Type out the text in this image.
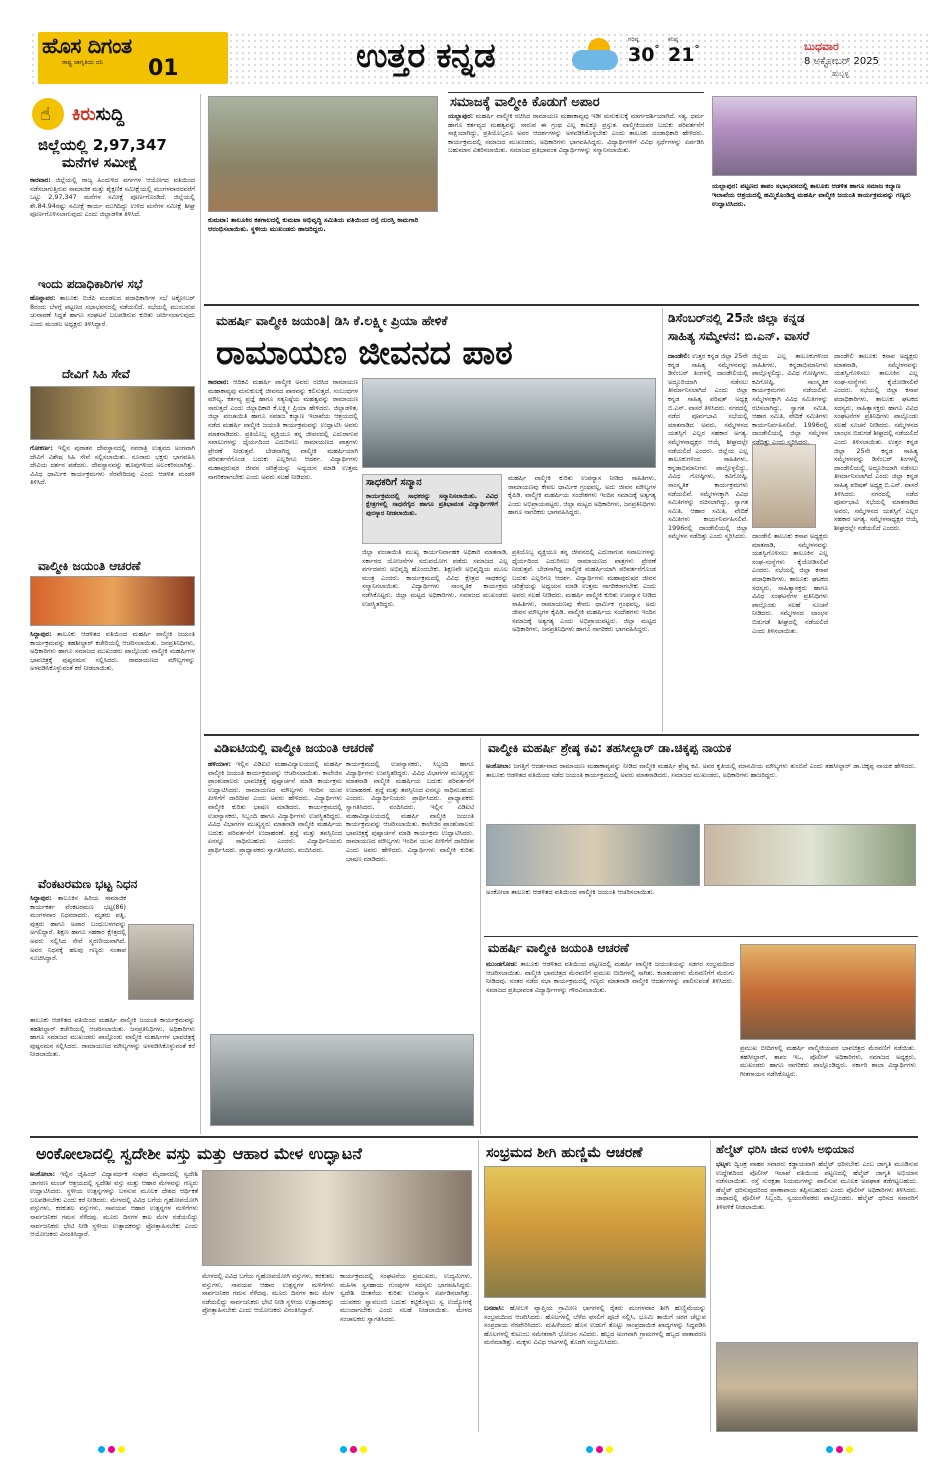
ಹೊಸ ದಿಗಂತ
ರಾಷ್ಟ್ರ ಜಾಗೃತಿಯ ದನಿ 01	ಉತ್ತರ ಕನ್ನಡ	ಗರಿಷ್ಠ
30°
ಕನಿಷ್ಠ
21°	ಬುಧವಾರ
8 ಅಕ್ಟೋಬರ್ 2025
ಹುಬ್ಬಳ್ಳಿ
☝ ಕಿರುಸುದ್ದಿ
ಜಿಲ್ಲೆಯಲ್ಲಿ 2,97,347
ಮನೆಗಳ ಸಮೀಕ್ಷೆ
ಕಾರವಾರ: ಜಿಲ್ಲೆಯಲ್ಲಿ ರಾಜ್ಯ ಹಿಂದುಳಿದ ವರ್ಗಗಳ ಆಯೋಗದ ವತಿಯಿಂದ ನಡೆಸಲಾಗುತ್ತಿರುವ ಸಾಮಾಜಿಕ ಮತ್ತು ಶೈಕ್ಷಣಿಕ ಸಮೀಕ್ಷೆಯಲ್ಲಿ ಮಂಗಳವಾರದವರೆಗೆ ಒಟ್ಟು 2,97,347 ಮನೆಗಳ ಸಮೀಕ್ಷೆ ಪೂರ್ಣಗೊಂಡಿದೆ. ಜಿಲ್ಲೆಯಲ್ಲಿ ಶೇ.84.94ರಷ್ಟು ಸಮೀಕ್ಷೆ ಕಾರ್ಯ ಮುಗಿದಿದ್ದು ಉಳಿದ ಮನೆಗಳ ಸಮೀಕ್ಷೆ ಶೀಘ್ರ ಪೂರ್ಣಗೊಳಿಸಲಾಗುವುದು ಎಂದು ಜಿಲ್ಲಾಡಳಿತ ತಿಳಿಸಿದೆ.
ಇಂದು ಪದಾಧಿಕಾರಿಗಳ ಸಭೆ
ಹೊನ್ನಾವರ: ತಾಲೂಕು ಬಿಜೆಪಿ ಮಂಡಲದ ಪದಾಧಿಕಾರಿಗಳ ಸಭೆ ಅಕ್ಟೋಬರ್ 8ರಂದು ಬೆಳಗ್ಗೆ ಪಟ್ಟಣದ ಸಭಾಭವನದಲ್ಲಿ ನಡೆಯಲಿದೆ. ಸಭೆಯಲ್ಲಿ ಮುಂಬರುವ ಚುನಾವಣೆ ಸಿದ್ಧತೆ ಹಾಗೂ ಸಂಘಟನೆ ಬಲಪಡಿಸುವ ಕುರಿತು ಚರ್ಚಿಸಲಾಗುವುದು ಎಂದು ಮಂಡಲ ಅಧ್ಯಕ್ಷರು ತಿಳಿಸಿದ್ದಾರೆ.
ದೇವಿಗೆ ಸಿಹಿ ಸೇವೆ
ಗೋಕರ್ಣ: ಇಲ್ಲಿನ ಪುರಾತನ ದೇವಸ್ಥಾನದಲ್ಲಿ ನವರಾತ್ರಿ ಉತ್ಸವದ ಅಂಗವಾಗಿ ದೇವಿಗೆ ವಿಶೇಷ ಸಿಹಿ ಸೇವೆ ಸಲ್ಲಿಸಲಾಯಿತು. ನೂರಾರು ಭಕ್ತರು ಭಾಗವಹಿಸಿ ದೇವಿಯ ದರ್ಶನ ಪಡೆದರು. ದೇವಸ್ಥಾನವನ್ನು ಹೂವುಗಳಿಂದ ಅಲಂಕರಿಸಲಾಗಿತ್ತು. ವಿವಿಧ ಧಾರ್ಮಿಕ ಕಾರ್ಯಕ್ರಮಗಳು ನೆರವೇರಿದವು ಎಂದು ಆಡಳಿತ ಮಂಡಳಿ ತಿಳಿಸಿದೆ.
ವಾಲ್ಮೀಕಿ ಜಯಂತಿ ಆಚರಣೆ
ಸಿದ್ದಾಪುರ: ತಾಲೂಕು ಆಡಳಿತದ ವತಿಯಿಂದ ಮಹರ್ಷಿ ವಾಲ್ಮೀಕಿ ಜಯಂತಿ ಕಾರ್ಯಕ್ರಮವನ್ನು ತಹಶೀಲ್ದಾರ್ ಕಚೇರಿಯಲ್ಲಿ ಆಚರಿಸಲಾಯಿತು. ಜನಪ್ರತಿನಿಧಿಗಳು, ಅಧಿಕಾರಿಗಳು ಹಾಗೂ ಸಮಾಜದ ಮುಖಂಡರು ಪಾಲ್ಗೊಂಡು ವಾಲ್ಮೀಕಿ ಮಹರ್ಷಿಗಳ ಭಾವಚಿತ್ರಕ್ಕೆ ಪುಷ್ಪನಮನ ಸಲ್ಲಿಸಿದರು. ರಾಮಾಯಣದ ಮೌಲ್ಯಗಳನ್ನು ಅಳವಡಿಸಿಕೊಳ್ಳುವಂತೆ ಕರೆ ನೀಡಲಾಯಿತು.
ವೆಂಕಟರಮಣ ಭಟ್ಟ ನಿಧನ
ಸಿದ್ದಾಪುರ: ತಾಲೂಕಿನ ಹಿರಿಯ ಸಾಮಾಜಿಕ ಕಾರ್ಯಕರ್ತ ವೆಂಕಟರಮಣ ಭಟ್ಟ(86) ಮಂಗಳವಾರ ನಿಧನರಾದರು. ಮೃತರು ಪತ್ನಿ, ಪುತ್ರರು ಹಾಗೂ ಅಪಾರ ಬಂಧುಬಳಗವನ್ನು ಅಗಲಿದ್ದಾರೆ. ಶಿಕ್ಷಣ ಹಾಗೂ ಸಹಕಾರ ಕ್ಷೇತ್ರದಲ್ಲಿ ಅವರು ಸಲ್ಲಿಸಿದ ಸೇವೆ ಸ್ಮರಣೀಯವಾಗಿದೆ. ಅವರ ನಿಧನಕ್ಕೆ ಹಲವು ಗಣ್ಯರು ಸಂತಾಪ ಸೂಚಿಸಿದ್ದಾರೆ.
ತಾಲೂಕು ಆಡಳಿತದ ವತಿಯಿಂದ ಮಹರ್ಷಿ ವಾಲ್ಮೀಕಿ ಜಯಂತಿ ಕಾರ್ಯಕ್ರಮವನ್ನು ತಹಶೀಲ್ದಾರ್ ಕಚೇರಿಯಲ್ಲಿ ಆಚರಿಸಲಾಯಿತು. ಜನಪ್ರತಿನಿಧಿಗಳು, ಅಧಿಕಾರಿಗಳು ಹಾಗೂ ಸಮಾಜದ ಮುಖಂಡರು ಪಾಲ್ಗೊಂಡು ವಾಲ್ಮೀಕಿ ಮಹರ್ಷಿಗಳ ಭಾವಚಿತ್ರಕ್ಕೆ ಪುಷ್ಪನಮನ ಸಲ್ಲಿಸಿದರು. ರಾಮಾಯಣದ ಮೌಲ್ಯಗಳನ್ನು ಅಳವಡಿಸಿಕೊಳ್ಳುವಂತೆ ಕರೆ ನೀಡಲಾಯಿತು.
ಕುಮಟಾ: ತಾಲೂಕಿನ ಕತಗಾಲದಲ್ಲಿ ಕುಮಟಾ ಅಭಿವೃದ್ಧಿ ಸಮಿತಿಯ ವತಿಯಿಂದ ರಸ್ತೆ ದುರಸ್ತಿ ಕಾಮಗಾರಿ ಆರಂಭಿಸಲಾಯಿತು. ಸ್ಥಳೀಯ ಮುಖಂಡರು ಹಾಜರಿದ್ದರು.
ಸಮಾಜಕ್ಕೆ ವಾಲ್ಮೀಕಿ ಕೊಡುಗೆ ಅಪಾರ
ಯಲ್ಲಾಪುರ: ಮಹರ್ಷಿ ವಾಲ್ಮೀಕಿ ರಚಿಸಿದ ರಾಮಾಯಣ ಮಹಾಕಾವ್ಯವು ಇಡೀ ಮನುಕುಲಕ್ಕೆ ಮಾರ್ಗದರ್ಶಿಯಾಗಿದೆ. ಸತ್ಯ, ಧರ್ಮ ಹಾಗೂ ಕರ್ತವ್ಯದ ಮಹತ್ವವನ್ನು ಸಾರುವ ಈ ಗ್ರಂಥ ಎಲ್ಲ ಕಾಲಕ್ಕೂ ಪ್ರಸ್ತುತ. ವಾಲ್ಮೀಕಿಯವರ ಬದುಕು ಪರಿವರ್ತನೆಗೆ ಸಾಕ್ಷಿಯಾಗಿದ್ದು, ಪ್ರತಿಯೊಬ್ಬರೂ ಅವರ ಆದರ್ಶಗಳನ್ನು ಅಳವಡಿಸಿಕೊಳ್ಳಬೇಕು ಎಂದು ತಾಲೂಕು ದಂಡಾಧಿಕಾರಿ ಹೇಳಿದರು. ಕಾರ್ಯಕ್ರಮದಲ್ಲಿ ಸಮಾಜದ ಮುಖಂಡರು, ಅಧಿಕಾರಿಗಳು ಭಾಗವಹಿಸಿದ್ದರು. ವಿದ್ಯಾರ್ಥಿಗಳಿಗೆ ವಿವಿಧ ಸ್ಪರ್ಧೆಗಳನ್ನು ಏರ್ಪಡಿಸಿ ಬಹುಮಾನ ವಿತರಿಸಲಾಯಿತು. ಸಮಾಜದ ಪ್ರತಿಭಾವಂತ ವಿದ್ಯಾರ್ಥಿಗಳನ್ನು ಸನ್ಮಾನಿಸಲಾಯಿತು.
ಯಲ್ಲಾಪುರ: ಪಟ್ಟಣದ ತಾಪಂ ಸಭಾಭವನದಲ್ಲಿ ತಾಲೂಕು ಆಡಳಿತ ಹಾಗೂ ಸಮಾಜ ಕಲ್ಯಾಣ ಇಲಾಖೆಯ ಆಶ್ರಯದಲ್ಲಿ ಹಮ್ಮಿಕೊಂಡಿದ್ದ ಮಹರ್ಷಿ ವಾಲ್ಮೀಕಿ ಜಯಂತಿ ಕಾರ್ಯಕ್ರಮವನ್ನು ಗಣ್ಯರು ಉದ್ಘಾಟಿಸಿದರು.
ಮಹರ್ಷಿ ವಾಲ್ಮೀಕಿ ಜಯಂತಿ| ಡಿಸಿ ಕೆ.ಲಕ್ಷ್ಮೀ ಪ್ರಿಯಾ ಹೇಳಿಕೆ
ರಾಮಾಯಣ ಜೀವನದ ಪಾಠ
ಕಾರವಾರ: ಆದಿಕವಿ ಮಹರ್ಷಿ ವಾಲ್ಮೀಕಿ ಅವರು ರಚಿಸಿದ ರಾಮಾಯಣ ಮಹಾಕಾವ್ಯವು ಮನುಕುಲಕ್ಕೆ ಜೀವನದ ಪಾಠವನ್ನು ಕಲಿಸುತ್ತದೆ. ಸಂಬಂಧಗಳ ಮೌಲ್ಯ, ಕರ್ತವ್ಯ ಪ್ರಜ್ಞೆ ಹಾಗೂ ಸತ್ಯನಿಷ್ಠೆಯ ಮಹತ್ವವನ್ನು ರಾಮಾಯಣ ಸಾರುತ್ತದೆ ಎಂದು ಜಿಲ್ಲಾಧಿಕಾರಿ ಕೆ.ಲಕ್ಷ್ಮೀ ಪ್ರಿಯಾ ಹೇಳಿದರು. ಜಿಲ್ಲಾಡಳಿತ, ಜಿಲ್ಲಾ ಪಂಚಾಯಿತಿ ಹಾಗೂ ಸಮಾಜ ಕಲ್ಯಾಣ ಇಲಾಖೆಯ ಆಶ್ರಯದಲ್ಲಿ ನಡೆದ ಮಹರ್ಷಿ ವಾಲ್ಮೀಕಿ ಜಯಂತಿ ಕಾರ್ಯಕ್ರಮವನ್ನು ಉದ್ಘಾಟಿಸಿ ಅವರು ಮಾತನಾಡಿದರು. ಪ್ರತಿಯೊಬ್ಬ ವ್ಯಕ್ತಿಯೂ ತನ್ನ ಜೀವನದಲ್ಲಿ ಎದುರಾಗುವ ಸವಾಲುಗಳನ್ನು ಧೈರ್ಯದಿಂದ ಎದುರಿಸಲು ರಾಮಾಯಣದ ಪಾತ್ರಗಳು ಪ್ರೇರಣೆ ನೀಡುತ್ತವೆ. ಬೇಡನಾಗಿದ್ದ ವಾಲ್ಮೀಕಿ ಮಹರ್ಷಿಯಾಗಿ ಪರಿವರ್ತನೆಗೊಂಡ ಬದುಕು ಎಲ್ಲರಿಗೂ ಆದರ್ಶ. ವಿದ್ಯಾರ್ಥಿಗಳು ಮಹಾಪುರುಷರ ಜೀವನ ಚರಿತ್ರೆಯನ್ನು ಅಧ್ಯಯನ ಮಾಡಿ ಉತ್ತಮ ನಾಗರಿಕರಾಗಬೇಕು ಎಂದು ಅವರು ಸಲಹೆ ನೀಡಿದರು.
ಸಾಧಕರಿಗೆ ಸನ್ಮಾನ
ಕಾರ್ಯಕ್ರಮದಲ್ಲಿ ಸಾಧಕರನ್ನು ಸನ್ಮಾನಿಸಲಾಯಿತು. ವಿವಿಧ ಕ್ಷೇತ್ರಗಳಲ್ಲಿ ಸಾಧನೆಗೈದ ಹಾಗೂ ಪ್ರತಿಭಾವಂತ ವಿದ್ಯಾರ್ಥಿಗಳಿಗೆ ಪುರಸ್ಕಾರ ನೀಡಲಾಯಿತು.
ಮಹರ್ಷಿ ವಾಲ್ಮೀಕಿ ಕುರಿತು ಉಪನ್ಯಾಸ ನೀಡಿದ ಸಾಹಿತಿಗಳು, ರಾಮಾಯಣವು ಕೇವಲ ಧಾರ್ಮಿಕ ಗ್ರಂಥವಲ್ಲ, ಅದು ಜೀವನ ಮೌಲ್ಯಗಳ ಕೈಪಿಡಿ. ವಾಲ್ಮೀಕಿ ಮಹರ್ಷಿಯ ಸಂದೇಶಗಳು ಇಂದಿನ ಸಮಾಜಕ್ಕೆ ಅತ್ಯಗತ್ಯ ಎಂದು ಅಭಿಪ್ರಾಯಪಟ್ಟರು. ಜಿಲ್ಲಾ ಮಟ್ಟದ ಅಧಿಕಾರಿಗಳು, ಜನಪ್ರತಿನಿಧಿಗಳು ಹಾಗೂ ನಾಗರಿಕರು ಭಾಗವಹಿಸಿದ್ದರು.
ಜಿಲ್ಲಾ ಪಂಚಾಯಿತಿ ಮುಖ್ಯ ಕಾರ್ಯನಿರ್ವಾಹಕ ಅಧಿಕಾರಿ ಮಾತನಾಡಿ, ಸರ್ಕಾರದ ಯೋಜನೆಗಳ ಸದುಪಯೋಗ ಪಡೆದು ಸಮಾಜದ ಎಲ್ಲ ವರ್ಗದವರು ಅಭಿವೃದ್ಧಿ ಹೊಂದಬೇಕು. ಶಿಕ್ಷಣವೇ ಅಭಿವೃದ್ಧಿಯ ಮೂಲ ಮಂತ್ರ ಎಂದರು. ಕಾರ್ಯಕ್ರಮದಲ್ಲಿ ವಿವಿಧ ಕ್ಷೇತ್ರದ ಸಾಧಕರನ್ನು ಸನ್ಮಾನಿಸಲಾಯಿತು. ವಿದ್ಯಾರ್ಥಿಗಳು ಸಾಂಸ್ಕೃತಿಕ ಕಾರ್ಯಕ್ರಮ ನಡೆಸಿಕೊಟ್ಟರು. ಜಿಲ್ಲಾ ಮಟ್ಟದ ಅಧಿಕಾರಿಗಳು, ಸಮಾಜದ ಮುಖಂಡರು ಉಪಸ್ಥಿತರಿದ್ದರು.
ಪ್ರತಿಯೊಬ್ಬ ವ್ಯಕ್ತಿಯೂ ತನ್ನ ಜೀವನದಲ್ಲಿ ಎದುರಾಗುವ ಸವಾಲುಗಳನ್ನು ಧೈರ್ಯದಿಂದ ಎದುರಿಸಲು ರಾಮಾಯಣದ ಪಾತ್ರಗಳು ಪ್ರೇರಣೆ ನೀಡುತ್ತವೆ. ಬೇಡನಾಗಿದ್ದ ವಾಲ್ಮೀಕಿ ಮಹರ್ಷಿಯಾಗಿ ಪರಿವರ್ತನೆಗೊಂಡ ಬದುಕು ಎಲ್ಲರಿಗೂ ಆದರ್ಶ. ವಿದ್ಯಾರ್ಥಿಗಳು ಮಹಾಪುರುಷರ ಜೀವನ ಚರಿತ್ರೆಯನ್ನು ಅಧ್ಯಯನ ಮಾಡಿ ಉತ್ತಮ ನಾಗರಿಕರಾಗಬೇಕು ಎಂದು ಅವರು ಸಲಹೆ ನೀಡಿದರು. ಮಹರ್ಷಿ ವಾಲ್ಮೀಕಿ ಕುರಿತು ಉಪನ್ಯಾಸ ನೀಡಿದ ಸಾಹಿತಿಗಳು, ರಾಮಾಯಣವು ಕೇವಲ ಧಾರ್ಮಿಕ ಗ್ರಂಥವಲ್ಲ, ಅದು ಜೀವನ ಮೌಲ್ಯಗಳ ಕೈಪಿಡಿ. ವಾಲ್ಮೀಕಿ ಮಹರ್ಷಿಯ ಸಂದೇಶಗಳು ಇಂದಿನ ಸಮಾಜಕ್ಕೆ ಅತ್ಯಗತ್ಯ ಎಂದು ಅಭಿಪ್ರಾಯಪಟ್ಟರು. ಜಿಲ್ಲಾ ಮಟ್ಟದ ಅಧಿಕಾರಿಗಳು, ಜನಪ್ರತಿನಿಧಿಗಳು ಹಾಗೂ ನಾಗರಿಕರು ಭಾಗವಹಿಸಿದ್ದರು.
ಡಿಸೆಂಬರ್‌ನಲ್ಲಿ 25ನೇ ಜಿಲ್ಲಾ ಕನ್ನಡ
ಸಾಹಿತ್ಯ ಸಮ್ಮೇಳನ: ಬಿ.ಎನ್. ವಾಸರೆ
ದಾಂಡೇಲಿ: ಉತ್ತರ ಕನ್ನಡ ಜಿಲ್ಲಾ 25ನೇ ಕನ್ನಡ ಸಾಹಿತ್ಯ ಸಮ್ಮೇಳನವನ್ನು ಡಿಸೆಂಬರ್ ತಿಂಗಳಲ್ಲಿ ದಾಂಡೇಲಿಯಲ್ಲಿ ಅದ್ದೂರಿಯಾಗಿ ನಡೆಸಲು ತೀರ್ಮಾನಿಸಲಾಗಿದೆ ಎಂದು ಜಿಲ್ಲಾ ಕನ್ನಡ ಸಾಹಿತ್ಯ ಪರಿಷತ್ ಅಧ್ಯಕ್ಷ ಬಿ.ಎನ್. ವಾಸರೆ ತಿಳಿಸಿದರು. ನಗರದಲ್ಲಿ ನಡೆದ ಪೂರ್ವಭಾವಿ ಸಭೆಯಲ್ಲಿ ಮಾತನಾಡಿದ ಅವರು, ಸಮ್ಮೇಳನದ ಯಶಸ್ಸಿಗೆ ಎಲ್ಲರ ಸಹಕಾರ ಅಗತ್ಯ. ಸಮ್ಮೇಳನಾಧ್ಯಕ್ಷರ ಆಯ್ಕೆ ಶೀಘ್ರದಲ್ಲೇ ನಡೆಯಲಿದೆ ಎಂದರು. ಜಿಲ್ಲೆಯ ಎಲ್ಲ ತಾಲೂಕುಗಳಿಂದ ಸಾಹಿತಿಗಳು, ಕನ್ನಡಾಭಿಮಾನಿಗಳು ಪಾಲ್ಗೊಳ್ಳಲಿದ್ದು, ವಿವಿಧ ಗೋಷ್ಠಿಗಳು, ಕವಿಗೋಷ್ಠಿ, ಸಾಂಸ್ಕೃತಿಕ ಕಾರ್ಯಕ್ರಮಗಳು ನಡೆಯಲಿವೆ. ಸಮ್ಮೇಳನಕ್ಕಾಗಿ ವಿವಿಧ ಸಮಿತಿಗಳನ್ನು ರಚಿಸಲಾಗಿದ್ದು, ಸ್ವಾಗತ ಸಮಿತಿ, ಆಹಾರ ಸಮಿತಿ, ವೇದಿಕೆ ಸಮಿತಿಗಳು ಕಾರ್ಯನಿರ್ವಹಿಸಲಿವೆ. 1996ರಲ್ಲಿ ದಾಂಡೇಲಿಯಲ್ಲಿ ಜಿಲ್ಲಾ ಸಮ್ಮೇಳನ ನಡೆದಿತ್ತು ಎಂದು ಸ್ಮರಿಸಿದರು.
ಜಿಲ್ಲೆಯ ಎಲ್ಲ ತಾಲೂಕುಗಳಿಂದ ಸಾಹಿತಿಗಳು, ಕನ್ನಡಾಭಿಮಾನಿಗಳು ಪಾಲ್ಗೊಳ್ಳಲಿದ್ದು, ವಿವಿಧ ಗೋಷ್ಠಿಗಳು, ಕವಿಗೋಷ್ಠಿ, ಸಾಂಸ್ಕೃತಿಕ ಕಾರ್ಯಕ್ರಮಗಳು ನಡೆಯಲಿವೆ. ಸಮ್ಮೇಳನಕ್ಕಾಗಿ ವಿವಿಧ ಸಮಿತಿಗಳನ್ನು ರಚಿಸಲಾಗಿದ್ದು, ಸ್ವಾಗತ ಸಮಿತಿ, ಆಹಾರ ಸಮಿತಿ, ವೇದಿಕೆ ಸಮಿತಿಗಳು ಕಾರ್ಯನಿರ್ವಹಿಸಲಿವೆ. 1996ರಲ್ಲಿ ದಾಂಡೇಲಿಯಲ್ಲಿ ಜಿಲ್ಲಾ ಸಮ್ಮೇಳನ ನಡೆದಿತ್ತು ಎಂದು ಸ್ಮರಿಸಿದರು.
ದಾಂಡೇಲಿ ತಾಲೂಕು ಕಸಾಪ ಅಧ್ಯಕ್ಷರು ಮಾತನಾಡಿ, ಸಮ್ಮೇಳನವನ್ನು ಯಶಸ್ವಿಗೊಳಿಸಲು ತಾಲೂಕಿನ ಎಲ್ಲ ಸಂಘ-ಸಂಸ್ಥೆಗಳು ಕೈಜೋಡಿಸಲಿವೆ ಎಂದರು. ಸಭೆಯಲ್ಲಿ ಜಿಲ್ಲಾ ಕಸಾಪ ಪದಾಧಿಕಾರಿಗಳು, ತಾಲೂಕು ಘಟಕದ ಸದಸ್ಯರು, ಸಾಹಿತ್ಯಾಸಕ್ತರು ಹಾಗೂ ವಿವಿಧ ಸಂಘಟನೆಗಳ ಪ್ರತಿನಿಧಿಗಳು ಪಾಲ್ಗೊಂಡು ಸಲಹೆ ಸೂಚನೆ ನೀಡಿದರು. ಸಮ್ಮೇಳನದ ಲಾಂಛನ ಬಿಡುಗಡೆ ಶೀಘ್ರದಲ್ಲಿ ನಡೆಯಲಿದೆ ಎಂದು ತಿಳಿಸಲಾಯಿತು.
ದಾಂಡೇಲಿ ತಾಲೂಕು ಕಸಾಪ ಅಧ್ಯಕ್ಷರು ಮಾತನಾಡಿ, ಸಮ್ಮೇಳನವನ್ನು ಯಶಸ್ವಿಗೊಳಿಸಲು ತಾಲೂಕಿನ ಎಲ್ಲ ಸಂಘ-ಸಂಸ್ಥೆಗಳು ಕೈಜೋಡಿಸಲಿವೆ ಎಂದರು. ಸಭೆಯಲ್ಲಿ ಜಿಲ್ಲಾ ಕಸಾಪ ಪದಾಧಿಕಾರಿಗಳು, ತಾಲೂಕು ಘಟಕದ ಸದಸ್ಯರು, ಸಾಹಿತ್ಯಾಸಕ್ತರು ಹಾಗೂ ವಿವಿಧ ಸಂಘಟನೆಗಳ ಪ್ರತಿನಿಧಿಗಳು ಪಾಲ್ಗೊಂಡು ಸಲಹೆ ಸೂಚನೆ ನೀಡಿದರು. ಸಮ್ಮೇಳನದ ಲಾಂಛನ ಬಿಡುಗಡೆ ಶೀಘ್ರದಲ್ಲಿ ನಡೆಯಲಿದೆ ಎಂದು ತಿಳಿಸಲಾಯಿತು. ಉತ್ತರ ಕನ್ನಡ ಜಿಲ್ಲಾ 25ನೇ ಕನ್ನಡ ಸಾಹಿತ್ಯ ಸಮ್ಮೇಳನವನ್ನು ಡಿಸೆಂಬರ್ ತಿಂಗಳಲ್ಲಿ ದಾಂಡೇಲಿಯಲ್ಲಿ ಅದ್ದೂರಿಯಾಗಿ ನಡೆಸಲು ತೀರ್ಮಾನಿಸಲಾಗಿದೆ ಎಂದು ಜಿಲ್ಲಾ ಕನ್ನಡ ಸಾಹಿತ್ಯ ಪರಿಷತ್ ಅಧ್ಯಕ್ಷ ಬಿ.ಎನ್. ವಾಸರೆ ತಿಳಿಸಿದರು. ನಗರದಲ್ಲಿ ನಡೆದ ಪೂರ್ವಭಾವಿ ಸಭೆಯಲ್ಲಿ ಮಾತನಾಡಿದ ಅವರು, ಸಮ್ಮೇಳನದ ಯಶಸ್ಸಿಗೆ ಎಲ್ಲರ ಸಹಕಾರ ಅಗತ್ಯ. ಸಮ್ಮೇಳನಾಧ್ಯಕ್ಷರ ಆಯ್ಕೆ ಶೀಘ್ರದಲ್ಲೇ ನಡೆಯಲಿದೆ ಎಂದರು.
ವಿಡಿಐಟಿಯಲ್ಲಿ ವಾಲ್ಮೀಕಿ ಜಯಂತಿ ಆಚರಣೆ
ಹಳಿಯಾಳ: ಇಲ್ಲಿನ ವಿಡಿಐಟಿ ಮಹಾವಿದ್ಯಾಲಯದಲ್ಲಿ ಮಹರ್ಷಿ ವಾಲ್ಮೀಕಿ ಜಯಂತಿ ಕಾರ್ಯಕ್ರಮವನ್ನು ಆಚರಿಸಲಾಯಿತು. ಕಾಲೇಜಿನ ಪ್ರಾಂಶುಪಾಲರು ಭಾವಚಿತ್ರಕ್ಕೆ ಪುಷ್ಪಾರ್ಚನೆ ಮಾಡಿ ಕಾರ್ಯಕ್ರಮ ಉದ್ಘಾಟಿಸಿದರು. ರಾಮಾಯಣದ ಮೌಲ್ಯಗಳು ಇಂದಿನ ಯುವ ಪೀಳಿಗೆಗೆ ದಾರಿದೀಪ ಎಂದು ಅವರು ಹೇಳಿದರು. ವಿದ್ಯಾರ್ಥಿಗಳು ವಾಲ್ಮೀಕಿ ಕುರಿತು ಭಾಷಣ ಮಾಡಿದರು. ಕಾರ್ಯಕ್ರಮದಲ್ಲಿ ಉಪನ್ಯಾಸಕರು, ಸಿಬ್ಬಂದಿ ಹಾಗೂ ವಿದ್ಯಾರ್ಥಿಗಳು ಉಪಸ್ಥಿತರಿದ್ದರು. ವಿವಿಧ ವಿಭಾಗಗಳ ಮುಖ್ಯಸ್ಥರು ಮಾತನಾಡಿ ವಾಲ್ಮೀಕಿ ಮಹರ್ಷಿಯ ಬದುಕು ಪರಿವರ್ತನೆಗೆ ಉದಾಹರಣೆ. ಶ್ರದ್ಧೆ ಮತ್ತು ತಪಸ್ಸಿನಿಂದ ಏನನ್ನೂ ಸಾಧಿಸಬಹುದು ಎಂದರು. ವಿದ್ಯಾರ್ಥಿನಿಯರು ಪ್ರಾರ್ಥಿಸಿದರು. ಪ್ರಾಧ್ಯಾಪಕರು ಸ್ವಾಗತಿಸಿದರು, ವಂದಿಸಿದರು.
ಕಾರ್ಯಕ್ರಮದಲ್ಲಿ ಉಪನ್ಯಾಸಕರು, ಸಿಬ್ಬಂದಿ ಹಾಗೂ ವಿದ್ಯಾರ್ಥಿಗಳು ಉಪಸ್ಥಿತರಿದ್ದರು. ವಿವಿಧ ವಿಭಾಗಗಳ ಮುಖ್ಯಸ್ಥರು ಮಾತನಾಡಿ ವಾಲ್ಮೀಕಿ ಮಹರ್ಷಿಯ ಬದುಕು ಪರಿವರ್ತನೆಗೆ ಉದಾಹರಣೆ. ಶ್ರದ್ಧೆ ಮತ್ತು ತಪಸ್ಸಿನಿಂದ ಏನನ್ನೂ ಸಾಧಿಸಬಹುದು ಎಂದರು. ವಿದ್ಯಾರ್ಥಿನಿಯರು ಪ್ರಾರ್ಥಿಸಿದರು. ಪ್ರಾಧ್ಯಾಪಕರು ಸ್ವಾಗತಿಸಿದರು, ವಂದಿಸಿದರು. ಇಲ್ಲಿನ ವಿಡಿಐಟಿ ಮಹಾವಿದ್ಯಾಲಯದಲ್ಲಿ ಮಹರ್ಷಿ ವಾಲ್ಮೀಕಿ ಜಯಂತಿ ಕಾರ್ಯಕ್ರಮವನ್ನು ಆಚರಿಸಲಾಯಿತು. ಕಾಲೇಜಿನ ಪ್ರಾಂಶುಪಾಲರು ಭಾವಚಿತ್ರಕ್ಕೆ ಪುಷ್ಪಾರ್ಚನೆ ಮಾಡಿ ಕಾರ್ಯಕ್ರಮ ಉದ್ಘಾಟಿಸಿದರು. ರಾಮಾಯಣದ ಮೌಲ್ಯಗಳು ಇಂದಿನ ಯುವ ಪೀಳಿಗೆಗೆ ದಾರಿದೀಪ ಎಂದು ಅವರು ಹೇಳಿದರು. ವಿದ್ಯಾರ್ಥಿಗಳು ವಾಲ್ಮೀಕಿ ಕುರಿತು ಭಾಷಣ ಮಾಡಿದರು.
ವಾಲ್ಮೀಕಿ ಮಹರ್ಷಿ ಶ್ರೇಷ್ಠ ಕವಿ: ತಹಸೀಲ್ದಾರ್ ಡಾ.ಚಿಕ್ಕಪ್ಪ ನಾಯಕ
ಅಂಕೋಲಾ: ಜಗತ್ತಿಗೆ ಆದರ್ಶವಾದ ರಾಮಾಯಣ ಮಹಾಕಾವ್ಯವನ್ನು ನೀಡಿದ ವಾಲ್ಮೀಕಿ ಮಹರ್ಷಿ ಶ್ರೇಷ್ಠ ಕವಿ. ಅವರ ಕೃತಿಯಲ್ಲಿ ಮಾನವೀಯ ಮೌಲ್ಯಗಳು ತುಂಬಿವೆ ಎಂದು ತಹಸೀಲ್ದಾರ್ ಡಾ.ಚಿಕ್ಕಪ್ಪ ನಾಯಕ ಹೇಳಿದರು. ತಾಲೂಕು ಆಡಳಿತದ ವತಿಯಿಂದ ನಡೆದ ಜಯಂತಿ ಕಾರ್ಯಕ್ರಮದಲ್ಲಿ ಅವರು ಮಾತನಾಡಿದರು. ಸಮಾಜದ ಮುಖಂಡರು, ಅಧಿಕಾರಿಗಳು ಹಾಜರಿದ್ದರು.
ಅಂಕೋಲಾ ತಾಲೂಕು ಆಡಳಿತದ ವತಿಯಿಂದ ವಾಲ್ಮೀಕಿ ಜಯಂತಿ ಆಚರಿಸಲಾಯಿತು.
ಮಹರ್ಷಿ ವಾಲ್ಮೀಕಿ ಜಯಂತಿ ಆಚರಣೆ
ಮುಂಡಗೋಡ: ತಾಲೂಕು ಆಡಳಿತದ ವತಿಯಿಂದ ಪಟ್ಟಣದಲ್ಲಿ ಮಹರ್ಷಿ ವಾಲ್ಮೀಕಿ ಜಯಂತಿಯನ್ನು ಸಡಗರ ಸಂಭ್ರಮದಿಂದ ಆಚರಿಸಲಾಯಿತು. ವಾಲ್ಮೀಕಿ ಭಾವಚಿತ್ರದ ಮೆರವಣಿಗೆ ಪ್ರಮುಖ ಬೀದಿಗಳಲ್ಲಿ ಸಾಗಿತು. ಕಲಾತಂಡಗಳು ಮೆರವಣಿಗೆಗೆ ಮೆರುಗು ನೀಡಿದವು. ನಂತರ ನಡೆದ ಸಭಾ ಕಾರ್ಯಕ್ರಮದಲ್ಲಿ ಗಣ್ಯರು ಮಾತನಾಡಿ ವಾಲ್ಮೀಕಿ ಆದರ್ಶಗಳನ್ನು ಪಾಲಿಸುವಂತೆ ತಿಳಿಸಿದರು. ಸಮಾಜದ ಪ್ರತಿಭಾವಂತ ವಿದ್ಯಾರ್ಥಿಗಳನ್ನು ಗೌರವಿಸಲಾಯಿತು.
ಪ್ರಮುಖ ಬೀದಿಗಳಲ್ಲಿ ಮಹರ್ಷಿ ವಾಲ್ಮೀಕಿಯವರ ಭಾವಚಿತ್ರದ ಮೆರವಣಿಗೆ ನಡೆಯಿತು. ತಹಸೀಲ್ದಾರ್, ತಾಪಂ ಇಒ, ಪೊಲೀಸ್ ಅಧಿಕಾರಿಗಳು, ಸಮಾಜದ ಅಧ್ಯಕ್ಷರು, ಮುಖಂಡರು ಹಾಗೂ ನಾಗರಿಕರು ಪಾಲ್ಗೊಂಡಿದ್ದರು. ಸರ್ಕಾರಿ ಶಾಲಾ ವಿದ್ಯಾರ್ಥಿಗಳು ಗೀತಗಾಯನ ನಡೆಸಿಕೊಟ್ಟರು.
ಅಂಕೋಲಾದಲ್ಲಿ ಸ್ವದೇಶೀ ವಸ್ತು ಮತ್ತು ಆಹಾರ ಮೇಳ ಉದ್ಘಾಟನೆ
ಅಂಕೋಲಾ: ಇಲ್ಲಿನ ಜೈಹಿಂದ್ ವಿದ್ಯಾವರ್ಧಕ ಸಂಘದ ಮೈದಾನದಲ್ಲಿ ಸ್ವದೇಶಿ ಜಾಗರಣ ಮಂಚ್ ಆಶ್ರಯದಲ್ಲಿ ಸ್ವದೇಶೀ ವಸ್ತು ಮತ್ತು ಆಹಾರ ಮೇಳವನ್ನು ಗಣ್ಯರು ಉದ್ಘಾಟಿಸಿದರು. ಸ್ಥಳೀಯ ಉತ್ಪನ್ನಗಳನ್ನು ಬಳಸುವ ಮೂಲಕ ದೇಶದ ಆರ್ಥಿಕತೆ ಬಲಪಡಿಸಬೇಕು ಎಂದು ಕರೆ ನೀಡಿದರು. ಮೇಳದಲ್ಲಿ ವಿವಿಧ ಬಗೆಯ ಗೃಹೋಪಯೋಗಿ ವಸ್ತುಗಳು, ಕರಕುಶಲ ವಸ್ತುಗಳು, ಸಾವಯವ ಆಹಾರ ಉತ್ಪನ್ನಗಳ ಮಳಿಗೆಗಳು ಸಾರ್ವಜನಿಕರ ಗಮನ ಸೆಳೆದವು. ಮೂರು ದಿನಗಳ ಕಾಲ ಮೇಳ ನಡೆಯಲಿದ್ದು ಸಾರ್ವಜನಿಕರು ಭೇಟಿ ನೀಡಿ ಸ್ಥಳೀಯ ಉತ್ಪಾದಕರನ್ನು ಪ್ರೋತ್ಸಾಹಿಸಬೇಕು ಎಂದು ಆಯೋಜಕರು ವಿನಂತಿಸಿದ್ದಾರೆ.
ಮೇಳದಲ್ಲಿ ವಿವಿಧ ಬಗೆಯ ಗೃಹೋಪಯೋಗಿ ವಸ್ತುಗಳು, ಕರಕುಶಲ ವಸ್ತುಗಳು, ಸಾವಯವ ಆಹಾರ ಉತ್ಪನ್ನಗಳ ಮಳಿಗೆಗಳು ಸಾರ್ವಜನಿಕರ ಗಮನ ಸೆಳೆದವು. ಮೂರು ದಿನಗಳ ಕಾಲ ಮೇಳ ನಡೆಯಲಿದ್ದು ಸಾರ್ವಜನಿಕರು ಭೇಟಿ ನೀಡಿ ಸ್ಥಳೀಯ ಉತ್ಪಾದಕರನ್ನು ಪ್ರೋತ್ಸಾಹಿಸಬೇಕು ಎಂದು ಆಯೋಜಕರು ವಿನಂತಿಸಿದ್ದಾರೆ.
ಕಾರ್ಯಕ್ರಮದಲ್ಲಿ ಸಂಘಟನೆಯ ಪ್ರಮುಖರು, ಉದ್ಯಮಿಗಳು, ಮಹಿಳಾ ಸ್ವಸಹಾಯ ಗುಂಪುಗಳ ಸದಸ್ಯರು ಭಾಗವಹಿಸಿದ್ದರು. ಸ್ವದೇಶಿ ಚಿಂತನೆಯ ಕುರಿತು ಉಪನ್ಯಾಸ ಏರ್ಪಡಿಸಲಾಗಿತ್ತು. ಯುವಕರು ಸ್ವಾವಲಂಬಿ ಬದುಕು ಕಟ್ಟಿಕೊಳ್ಳಲು ಸ್ವ ಉದ್ಯೋಗಕ್ಕೆ ಮುಂದಾಗಬೇಕು ಎಂದು ಸಲಹೆ ನೀಡಲಾಯಿತು. ಮೇಳದ ಸಂಚಾಲಕರು ಸ್ವಾಗತಿಸಿದರು.
ಸಂಭ್ರಮದ ಶೀಗಿ ಹುಣ್ಣಿಮೆ ಆಚರಣೆ
ಬನವಾಸಿ: ಹೋಬಳಿ ವ್ಯಾಪ್ತಿಯ ಗ್ರಾಮೀಣ ಭಾಗಗಳಲ್ಲಿ ರೈತರು ಮಂಗಳವಾರ ಶೀಗಿ ಹುಣ್ಣಿಮೆಯನ್ನು ಸಂಭ್ರಮದಿಂದ ಆಚರಿಸಿದರು. ಹೊಲಗಳಲ್ಲಿ ಬೆಳೆದ ಫಸಲಿಗೆ ಪೂಜೆ ಸಲ್ಲಿಸಿ, ಭೂಮಿ ತಾಯಿಗೆ ಚರಗ ಚೆಲ್ಲುವ ಸಂಪ್ರದಾಯ ನೆರವೇರಿಸಿದರು. ಮಹಿಳೆಯರು ಹೊಸ ಉಡುಗೆ ತೊಟ್ಟು ಸಾಂಪ್ರದಾಯಿಕ ಖಾದ್ಯಗಳನ್ನು ಸಿದ್ಧಪಡಿಸಿ ಹೊಲಗಳಲ್ಲಿ ಕುಟುಂಬ ಸಮೇತರಾಗಿ ಭೋಜನ ಸವಿದರು. ಹಬ್ಬದ ಅಂಗವಾಗಿ ಗ್ರಾಮಗಳಲ್ಲಿ ಹಬ್ಬದ ವಾತಾವರಣ ಮನೆಮಾಡಿತ್ತು. ಮಕ್ಕಳು ವಿವಿಧ ಆಟಗಳಲ್ಲಿ ತೊಡಗಿ ಸಂಭ್ರಮಿಸಿದರು.
ಹೆಲ್ಮೆಟ್ ಧರಿಸಿ ಜೀವ ಉಳಿಸಿ ಅಭಿಯಾನ
ಭಟ್ಕಳ: ದ್ವಿಚಕ್ರ ವಾಹನ ಸವಾರರು ಕಡ್ಡಾಯವಾಗಿ ಹೆಲ್ಮೆಟ್ ಧರಿಸಬೇಕು ಎಂಬ ಜಾಗೃತಿ ಮೂಡಿಸುವ ಉದ್ದೇಶದಿಂದ ಪೊಲೀಸ್ ಇಲಾಖೆ ವತಿಯಿಂದ ಪಟ್ಟಣದಲ್ಲಿ ಹೆಲ್ಮೆಟ್ ಜಾಗೃತಿ ಅಭಿಯಾನ ನಡೆಸಲಾಯಿತು. ರಸ್ತೆ ಸುರಕ್ಷತಾ ನಿಯಮಗಳನ್ನು ಪಾಲಿಸುವ ಮೂಲಕ ಅಪಘಾತ ತಡೆಗಟ್ಟಬಹುದು. ಹೆಲ್ಮೆಟ್ ಧರಿಸುವುದರಿಂದ ಪ್ರಾಣಾಪಾಯ ತಪ್ಪಿಸಬಹುದು ಎಂದು ಪೊಲೀಸ್ ಅಧಿಕಾರಿಗಳು ತಿಳಿಸಿದರು. ಜಾಥಾದಲ್ಲಿ ಪೊಲೀಸ್ ಸಿಬ್ಬಂದಿ, ಸ್ವಯಂಸೇವಕರು ಪಾಲ್ಗೊಂಡರು. ಹೆಲ್ಮೆಟ್ ಧರಿಸದ ಸವಾರರಿಗೆ ತಿಳಿವಳಿಕೆ ನೀಡಲಾಯಿತು.
